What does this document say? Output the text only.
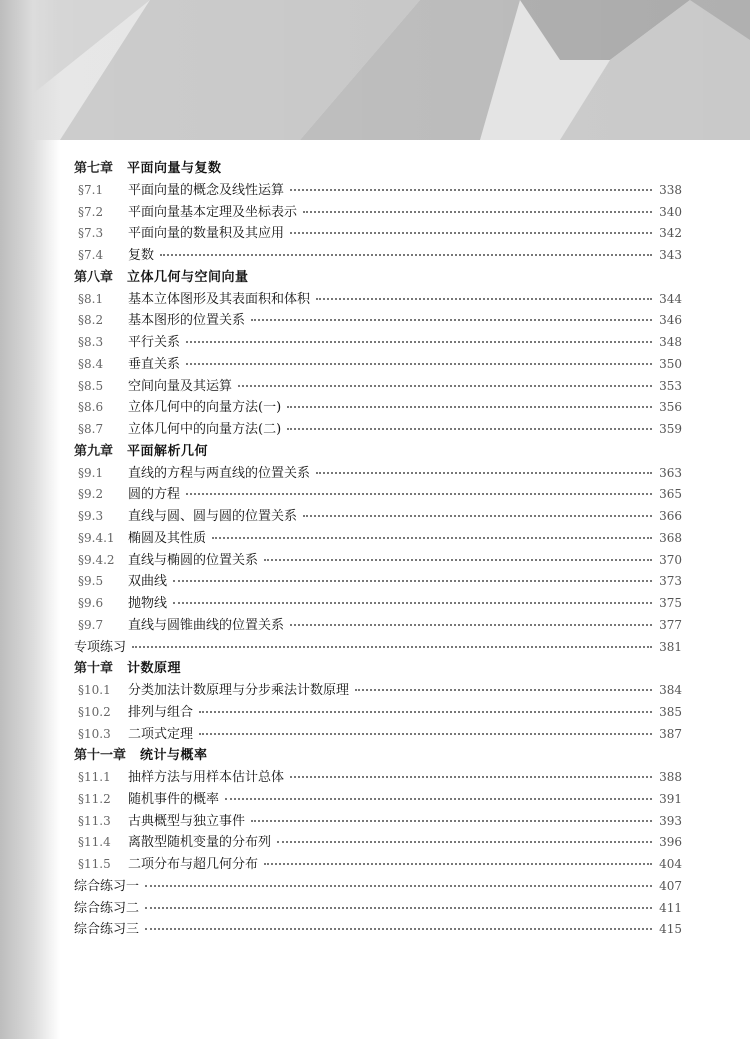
第七章 平面向量与复数
§7.1	平面向量的概念及线性运算	338
§7.2	平面向量基本定理及坐标表示	340
§7.3	平面向量的数量积及其应用	342
§7.4	复数	343
第八章 立体几何与空间向量
§8.1	基本立体图形及其表面积和体积	344
§8.2	基本图形的位置关系	346
§8.3	平行关系	348
§8.4	垂直关系	350
§8.5	空间向量及其运算	353
§8.6	立体几何中的向量方法(一)	356
§8.7	立体几何中的向量方法(二)	359
第九章 平面解析几何
§9.1	直线的方程与两直线的位置关系	363
§9.2	圆的方程	365
§9.3	直线与圆、圆与圆的位置关系	366
§9.4.1	椭圆及其性质	368
§9.4.2	直线与椭圆的位置关系	370
§9.5	双曲线	373
§9.6	抛物线	375
§9.7	直线与圆锥曲线的位置关系	377
专项练习	381
第十章 计数原理
§10.1	分类加法计数原理与分步乘法计数原理	384
§10.2	排列与组合	385
§10.3	二项式定理	387
第十一章 统计与概率
§11.1	抽样方法与用样本估计总体	388
§11.2	随机事件的概率	391
§11.3	古典概型与独立事件	393
§11.4	离散型随机变量的分布列	396
§11.5	二项分布与超几何分布	404
综合练习一	407
综合练习二	411
综合练习三	415
